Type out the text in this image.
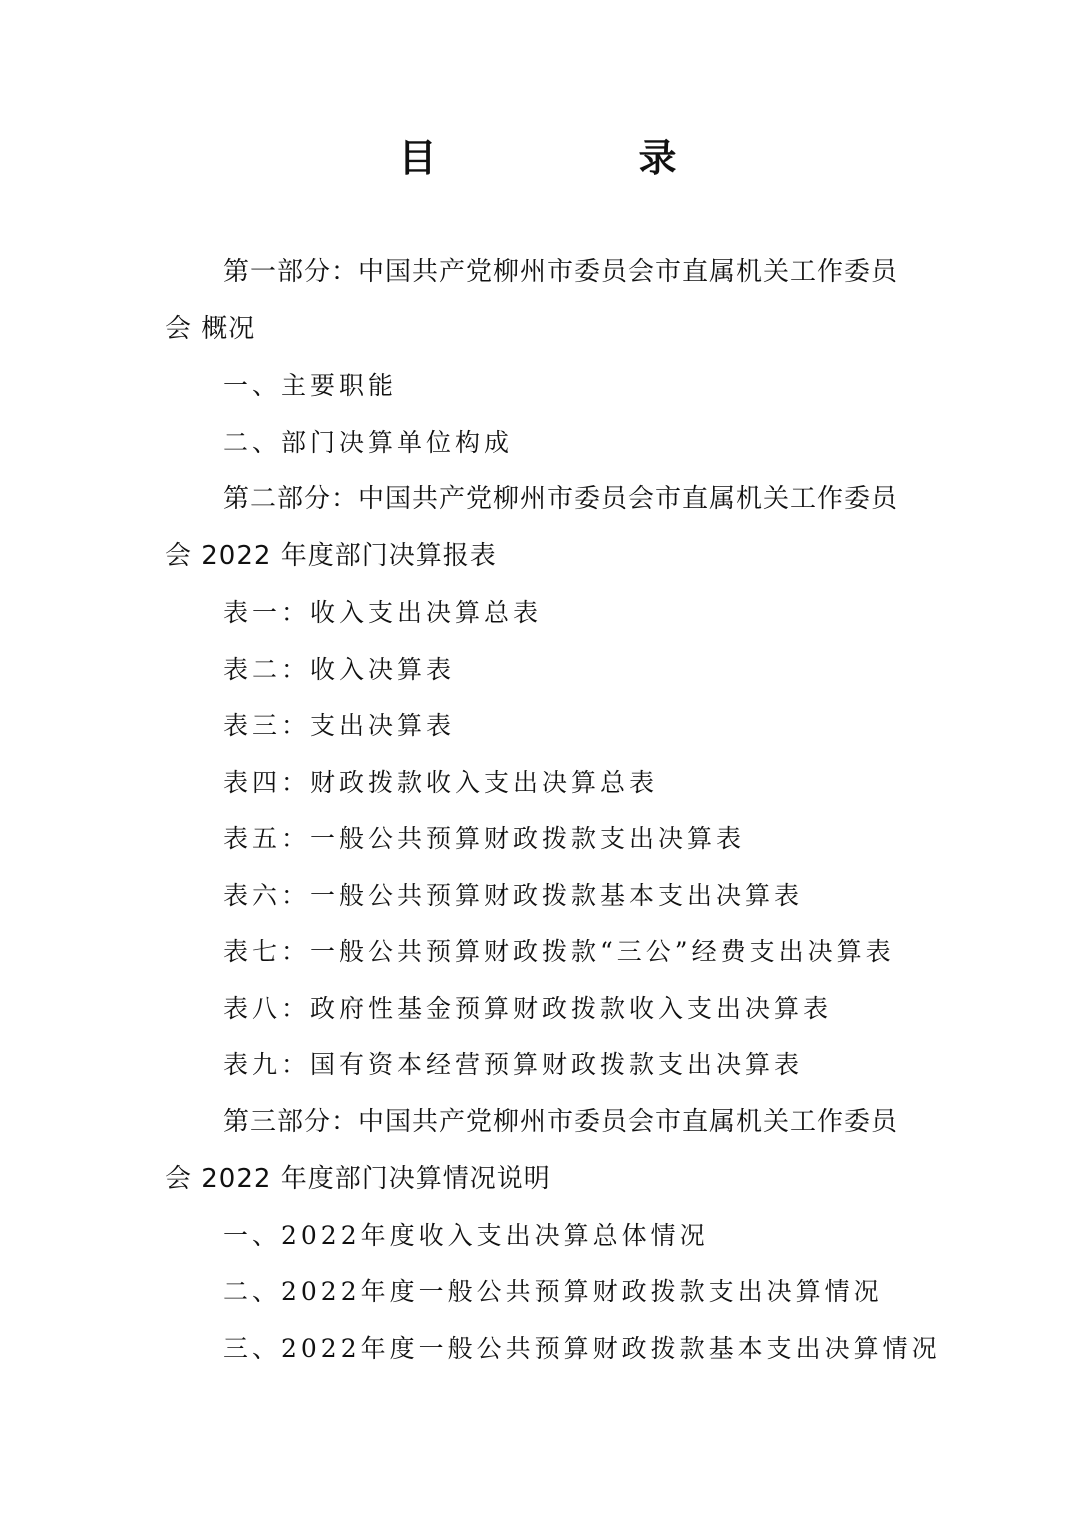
目　录

第一部分：中国共产党柳州市委员会市直属机关工作委员会 概况

一、主要职能

二、部门决算单位构成

第二部分：中国共产党柳州市委员会市直属机关工作委员会 2022 年度部门决算报表

表一：收入支出决算总表

表二：收入决算表

表三：支出决算表

表四：财政拨款收入支出决算总表

表五：一般公共预算财政拨款支出决算表

表六：一般公共预算财政拨款基本支出决算表

表七：一般公共预算财政拨款“三公”经费支出决算表

表八：政府性基金预算财政拨款收入支出决算表

表九：国有资本经营预算财政拨款支出决算表

第三部分：中国共产党柳州市委员会市直属机关工作委员会 2022 年度部门决算情况说明

一、2022年度收入支出决算总体情况

二、2022年度一般公共预算财政拨款支出决算情况

三、2022年度一般公共预算财政拨款基本支出决算情况
